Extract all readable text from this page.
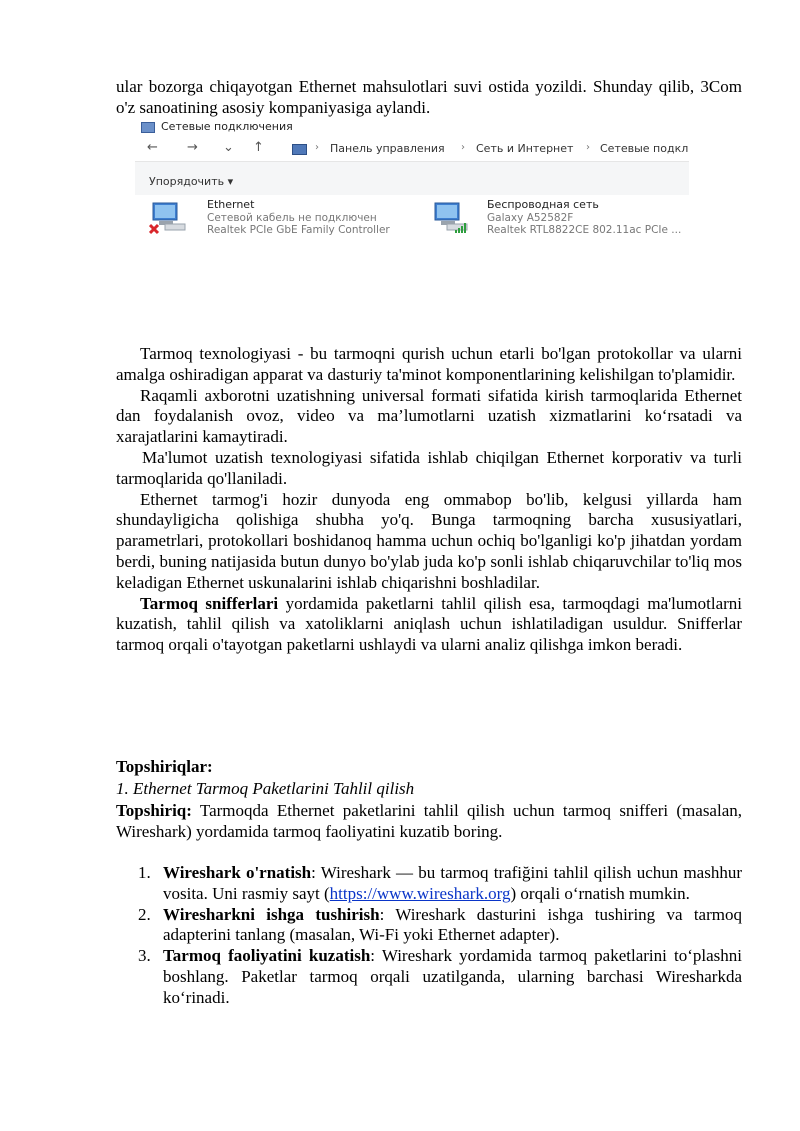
ular bozorga chiqayotgan Ethernet mahsulotlari suvi ostida yozildi. Shunday qilib, 3Com o'z sanoatining asosiy kompaniyasiga aylandi.

Сетевые подключения
← → ⌄ ↑	› Панель управления › Сеть и Интернет › Сетевые подкл
Упорядочить ▾
Ethernet
Сетевой кабель не подключен
Realtek PCIe GbE Family Controller
Беспроводная сеть
Galaxy A52582F
Realtek RTL8822CE 802.11ac PCIe ...

Tarmoq texnologiyasi - bu tarmoqni qurish uchun etarli bo'lgan protokollar va ularni amalga oshiradigan apparat va dasturiy ta'minot komponentlarining kelishilgan to'plamidir.

Raqamli axborotni uzatishning universal formati sifatida kirish tarmoqlarida Ethernet dan foydalanish ovoz, video va ma’lumotlarni uzatish xizmatlarini ko‘rsatadi va xarajatlarini kamaytiradi.

Ma'lumot uzatish texnologiyasi sifatida ishlab chiqilgan Ethernet korporativ va turli tarmoqlarida qo'llaniladi.

Ethernet tarmog'i hozir dunyoda eng ommabop bo'lib, kelgusi yillarda ham shundayligicha qolishiga shubha yo'q. Bunga tarmoqning barcha xususiyatlari, parametrlari, protokollari boshidanoq hamma uchun ochiq bo'lganligi ko'p jihatdan yordam berdi, buning natijasida butun dunyo bo'ylab juda ko'p sonli ishlab chiqaruvchilar to'liq mos keladigan Ethernet uskunalarini ishlab chiqarishni boshladilar.

Tarmoq snifferlari yordamida paketlarni tahlil qilish esa, tarmoqdagi ma'lumotlarni kuzatish, tahlil qilish va xatoliklarni aniqlash uchun ishlatiladigan usuldur. Snifferlar tarmoq orqali o'tayotgan paketlarni ushlaydi va ularni analiz qilishga imkon beradi.

Topshiriqlar:

1. Ethernet Tarmoq Paketlarini Tahlil qilish

Topshiriq: Tarmoqda Ethernet paketlarini tahlil qilish uchun tarmoq snifferi (masalan, Wireshark) yordamida tarmoq faoliyatini kuzatib boring.

1. Wireshark o'rnatish: Wireshark — bu tarmoq trafiğini tahlil qilish uchun mashhur vosita. Uni rasmiy sayt (https://www.wireshark.org) orqali o‘rnatish mumkin.
2. Wiresharkni ishga tushirish: Wireshark dasturini ishga tushiring va tarmoq adapterini tanlang (masalan, Wi-Fi yoki Ethernet adapter).
3. Tarmoq faoliyatini kuzatish: Wireshark yordamida tarmoq paketlarini to‘plashni boshlang. Paketlar tarmoq orqali uzatilganda, ularning barchasi Wiresharkda ko‘rinadi.
